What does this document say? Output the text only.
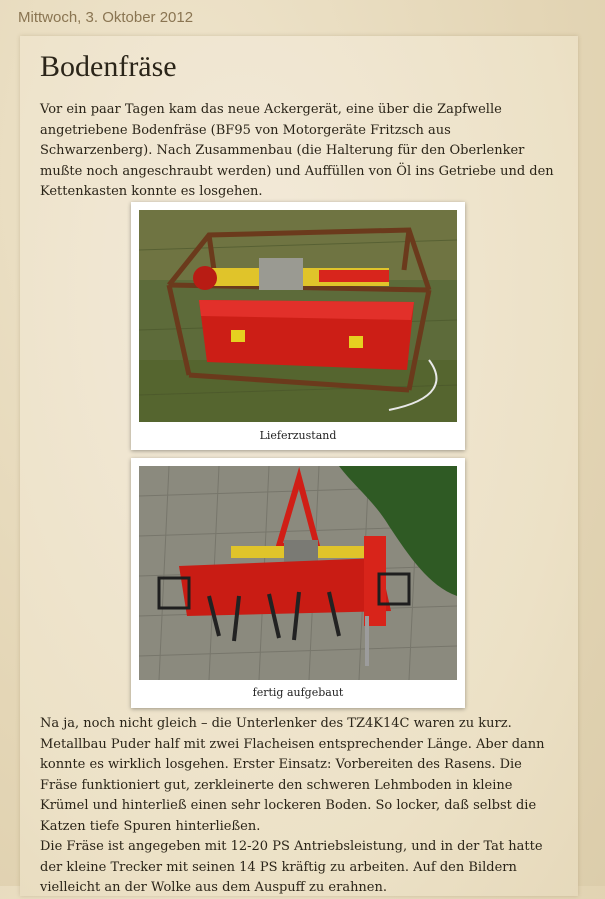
Mittwoch, 3. Oktober 2012
Bodenfräse

Vor ein paar Tagen kam das neue Ackergerät, eine über die Zapfwelle angetriebene Bodenfräse (BF95 von Motorgeräte Fritzsch aus Schwarzenberg). Nach Zusammenbau (die Halterung für den Oberlenker mußte noch angeschraubt werden) und Auffüllen von Öl ins Getriebe und den Kettenkasten konnte es losgehen.

Lieferzustand
fertig aufgebaut

Na ja, noch nicht gleich – die Unterlenker des TZ4K14C waren zu kurz. Metallbau Puder half mit zwei Flacheisen entsprechender Länge. Aber dann konnte es wirklich losgehen. Erster Einsatz: Vorbereiten des Rasens. Die Fräse funktioniert gut, zerkleinerte den schweren Lehmboden in kleine Krümel und hinterließ einen sehr lockeren Boden. So locker, daß selbst die Katzen tiefe Spuren hinterließen.
Die Fräse ist angegeben mit 12-20 PS Antriebsleistung, und in der Tat hatte der kleine Trecker mit seinen 14 PS kräftig zu arbeiten. Auf den Bildern vielleicht an der Wolke aus dem Auspuff zu erahnen.
